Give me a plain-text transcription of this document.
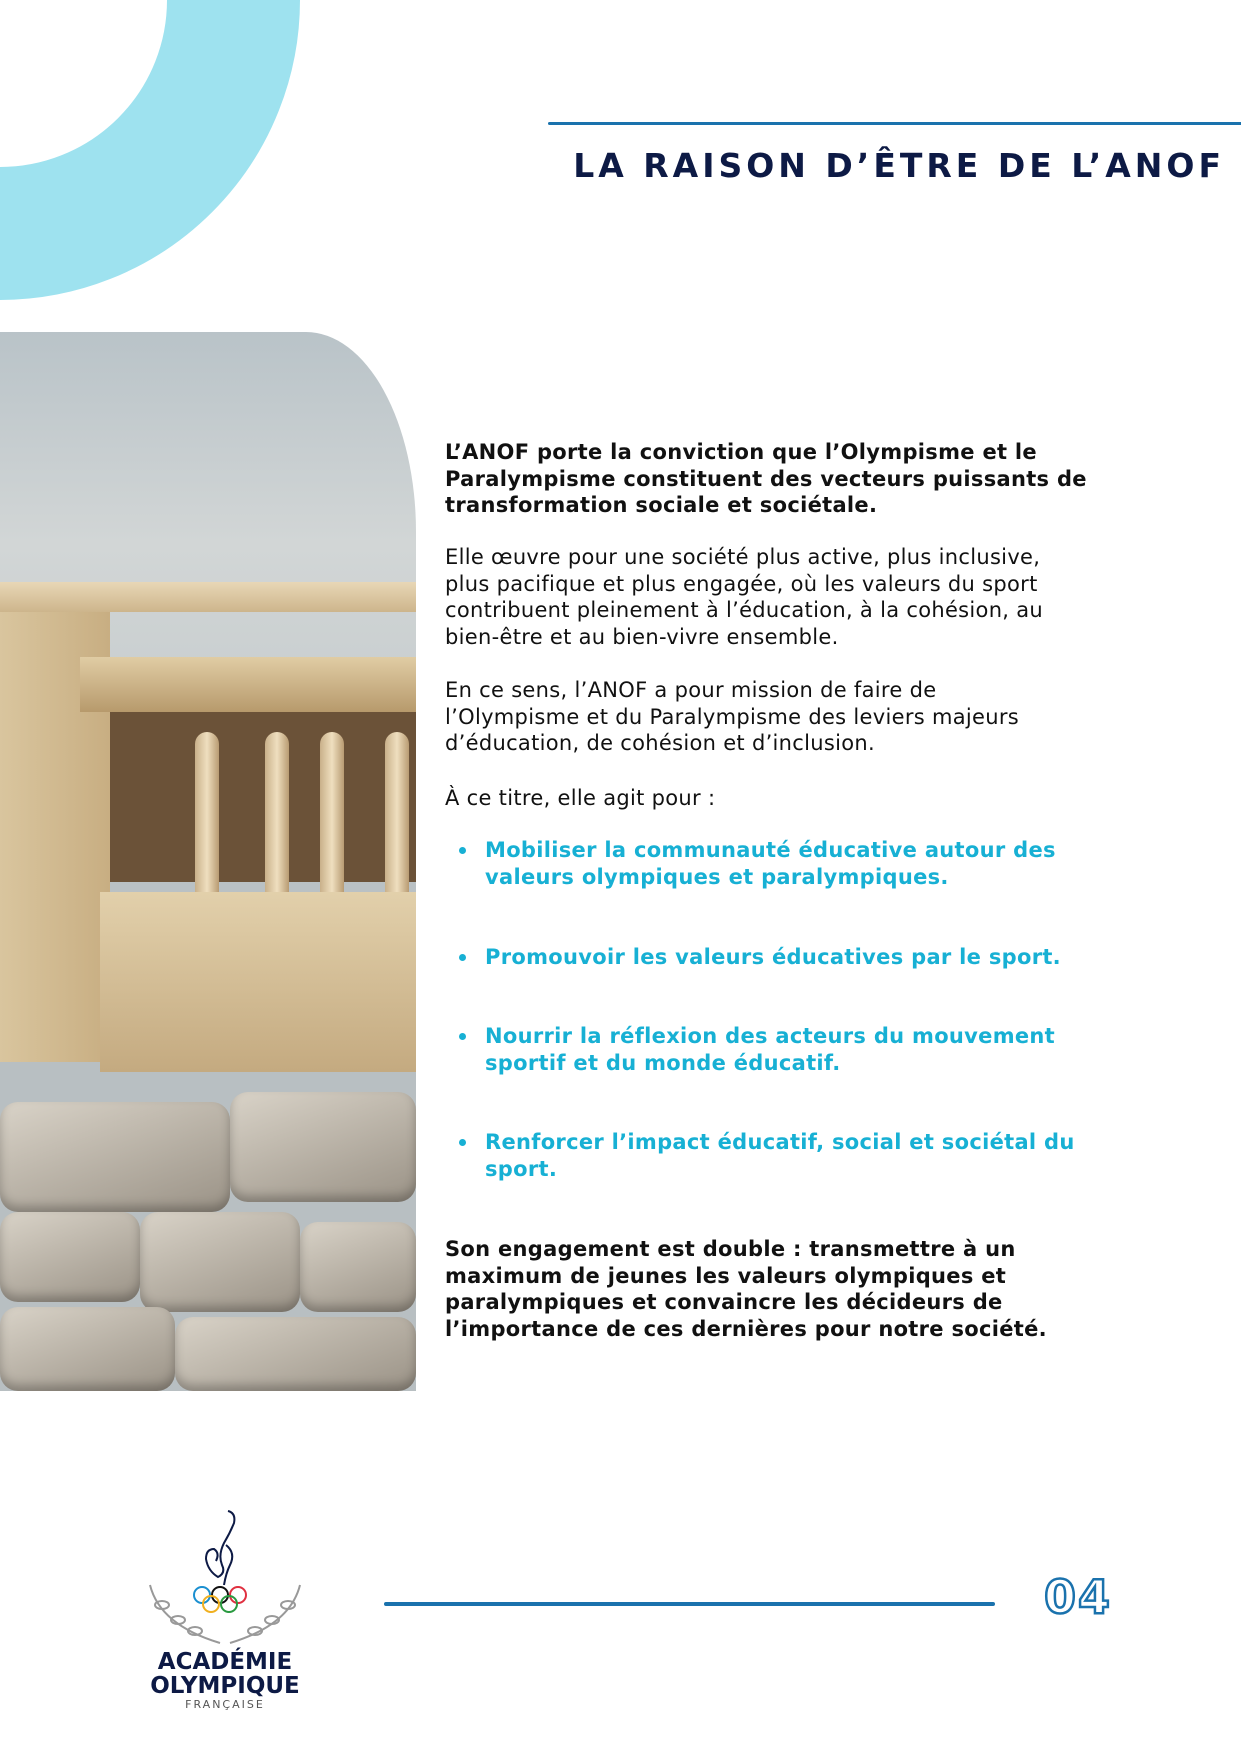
LA RAISON D’ÊTRE DE L’ANOF
L’ANOF porte la conviction que l’Olympisme et le
Paralympisme constituent des vecteurs puissants de
transformation sociale et sociétale.
Elle œuvre pour une société plus active, plus inclusive,
plus pacifique et plus engagée, où les valeurs du sport
contribuent pleinement à l’éducation, à la cohésion, au
bien-être et au bien-vivre ensemble.
En ce sens, l’ANOF a pour mission de faire de
l’Olympisme et du Paralympisme des leviers majeurs
d’éducation, de cohésion et d’inclusion.
À ce titre, elle agit pour :
Mobiliser la communauté éducative autour des
valeurs olympiques et paralympiques.
Promouvoir les valeurs éducatives par le sport.
Nourrir la réflexion des acteurs du mouvement
sportif et du monde éducatif.
Renforcer l’impact éducatif, social et sociétal du
sport.
Son engagement est double : transmettre à un
maximum de jeunes les valeurs olympiques et
paralympiques et convaincre les décideurs de
l’importance de ces dernières pour notre société.
ACADÉMIE
OLYMPIQUE
FRANÇAISE
04
